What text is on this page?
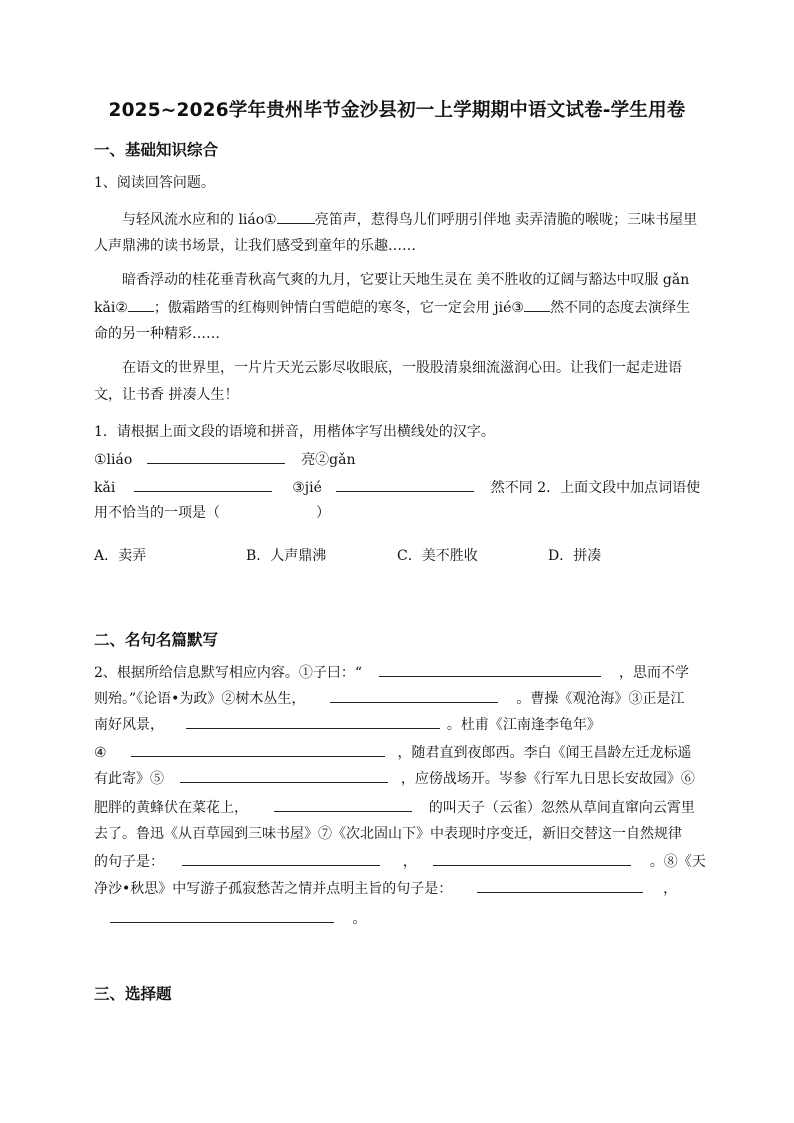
2025~2026学年贵州毕节金沙县初一上学期期中语文试卷-学生用卷
一、基础知识综合
1、阅读回答问题。
与轻风流水应和的 liáo①	亮笛声，惹得鸟儿们呼朋引伴地 卖弄清脆的喉咙；三味书屋里
人声鼎沸的读书场景，让我们感受到童年的乐趣……
暗香浮动的桂花垂青秋高气爽的九月，它要让天地生灵在 美不胜收的辽阔与豁达中叹服 gǎn
kǎi② ；傲霜踏雪的红梅则钟情白雪皑皑的寒冬，它一定会用 jié③ 然不同的态度去演绎生
命的另一种精彩……
在语文的世界里，一片片天光云影尽收眼底，一股股清泉细流滋润心田。让我们一起走进语
文，让书香 拼凑人生！
1．请根据上面文段的语境和拼音，用楷体字写出横线处的汉字。
①liáo	亮②gǎn
kǎi	③jié	然不同 2．上面文段中加点词语使
用不恰当的一项是（	）
A．卖弄	B．人声鼎沸	C．美不胜收	D．拼凑
二、名句名篇默写
2、根据所给信息默写相应内容。①子曰：“	，思而不学
则殆。”《论语•为政》②树木丛生，	。曹操《观沧海》③正是江
南好风景，	。杜甫《江南逢李龟年》
④	，随君直到夜郎西。李白《闻王昌龄左迁龙标遥
有此寄》⑤	，应傍战场开。岑参《行军九日思长安故园》⑥
肥胖的黄蜂伏在菜花上，	的叫天子（云雀）忽然从草间直窜向云霄里
去了。鲁迅《从百草园到三味书屋》⑦《次北固山下》中表现时序变迁，新旧交替这一自然规律
的句子是：	，	。⑧《天
净沙•秋思》中写游子孤寂愁苦之情并点明主旨的句子是：	，
。
三、选择题
